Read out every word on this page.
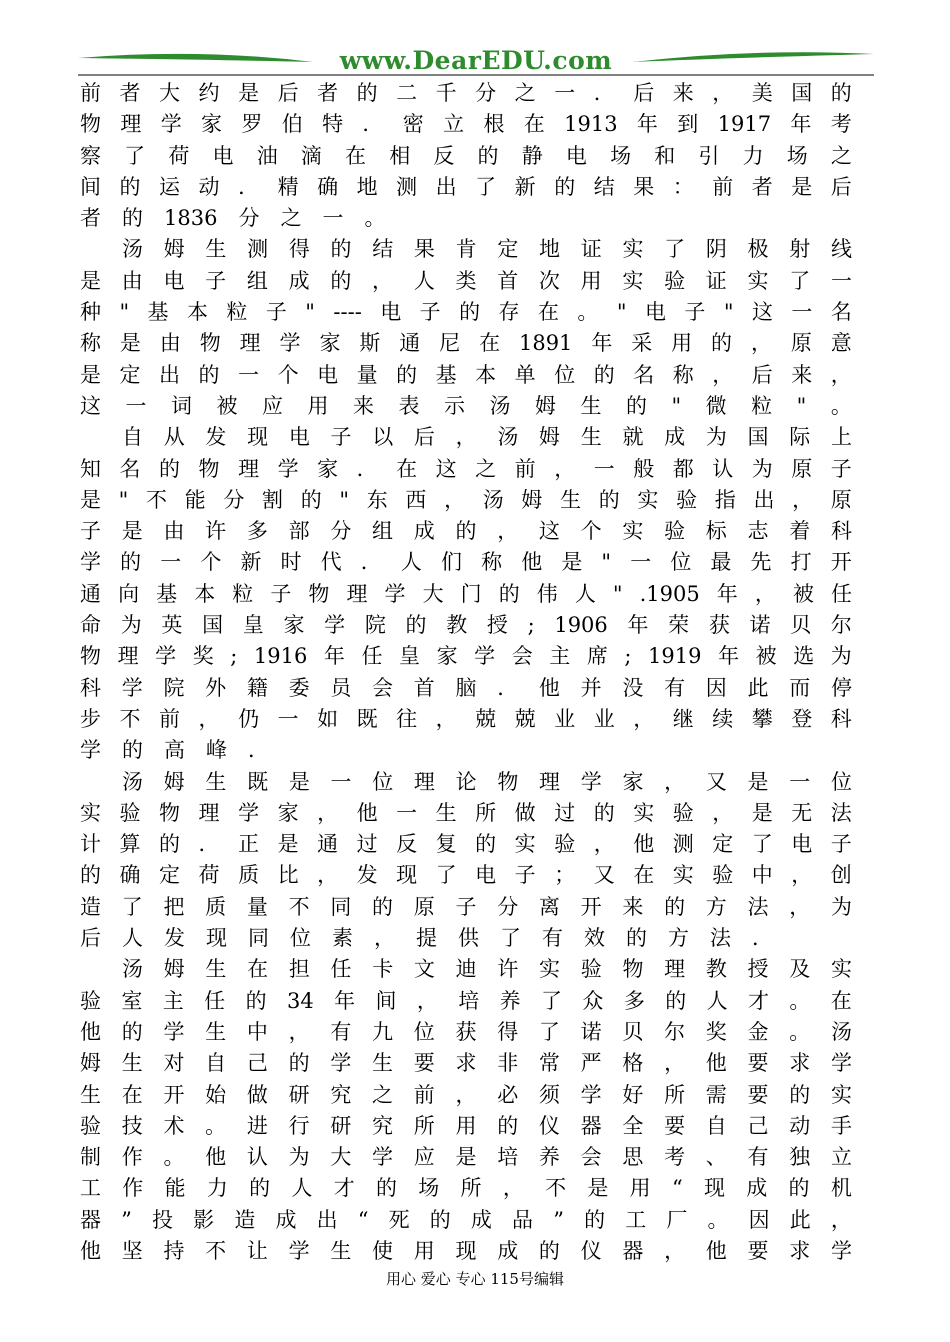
www.DearEDU.com
前 者 大 约 是 后 者 的 二 千 分 之 一 ． 后 来 ， 美 国 的
物 理 学 家 罗 伯 特 ． 密 立 根 在 1913 年 到 1917 年 考
察 了 荷 电 油 滴 在 相 反 的 静 电 场 和 引 力 场 之
间 的 运 动 ． 精 确 地 测 出 了 新 的 结 果 ： 前 者 是 后
者 的 1836 分 之 一 。
汤 姆 生 测 得 的 结 果 肯 定 地 证 实 了 阴 极 射 线
是 由 电 子 组 成 的 ， 人 类 首 次 用 实 验 证 实 了 一
种 " 基 本 粒 子 " ---- 电 子 的 存 在 。 " 电 子 " 这 一 名
称 是 由 物 理 学 家 斯 通 尼 在 1891 年 采 用 的 ， 原 意
是 定 出 的 一 个 电 量 的 基 本 单 位 的 名 称 ， 后 来 ，
这 一 词 被 应 用 来 表 示 汤 姆 生 的 " 微 粒 " 。
自 从 发 现 电 子 以 后 ， 汤 姆 生 就 成 为 国 际 上
知 名 的 物 理 学 家 ． 在 这 之 前 ， 一 般 都 认 为 原 子
是 " 不 能 分 割 的 " 东 西 ， 汤 姆 生 的 实 验 指 出 ， 原
子 是 由 许 多 部 分 组 成 的 ， 这 个 实 验 标 志 着 科
学 的 一 个 新 时 代 ． 人 们 称 他 是 " 一 位 最 先 打 开
通 向 基 本 粒 子 物 理 学 大 门 的 伟 人 " .1905 年 ， 被 任
命 为 英 国 皇 家 学 院 的 教 授 ; 1906 年 荣 获 诺 贝 尔
物 理 学 奖 ; 1916 年 任 皇 家 学 会 主 席 ; 1919 年 被 选 为
科 学 院 外 籍 委 员 会 首 脑 ． 他 并 没 有 因 此 而 停
步 不 前 ， 仍 一 如 既 往 ， 兢 兢 业 业 ， 继 续 攀 登 科
学 的 高 峰 ．
汤 姆 生 既 是 一 位 理 论 物 理 学 家 ， 又 是 一 位
实 验 物 理 学 家 ， 他 一 生 所 做 过 的 实 验 ， 是 无 法
计 算 的 ． 正 是 通 过 反 复 的 实 验 ， 他 测 定 了 电 子
的 确 定 荷 质 比 ， 发 现 了 电 子 ； 又 在 实 验 中 ， 创
造 了 把 质 量 不 同 的 原 子 分 离 开 来 的 方 法 ， 为
后 人 发 现 同 位 素 ， 提 供 了 有 效 的 方 法 ．
汤 姆 生 在 担 任 卡 文 迪 许 实 验 物 理 教 授 及 实
验 室 主 任 的 34 年 间 ， 培 养 了 众 多 的 人 才 。 在
他 的 学 生 中 ， 有 九 位 获 得 了 诺 贝 尔 奖 金 。 汤
姆 生 对 自 己 的 学 生 要 求 非 常 严 格 ， 他 要 求 学
生 在 开 始 做 研 究 之 前 ， 必 须 学 好 所 需 要 的 实
验 技 术 。 进 行 研 究 所 用 的 仪 器 全 要 自 己 动 手
制 作 。 他 认 为 大 学 应 是 培 养 会 思 考 、 有 独 立
工 作 能 力 的 人 才 的 场 所 ， 不 是 用 “ 现 成 的 机
器 ” 投 影 造 成 出 “ 死 的 成 品 ” 的 工 厂 。 因 此 ，
他 坚 持 不 让 学 生 使 用 现 成 的 仪 器 ， 他 要 求 学
用心 爱心 专心 115号编辑
